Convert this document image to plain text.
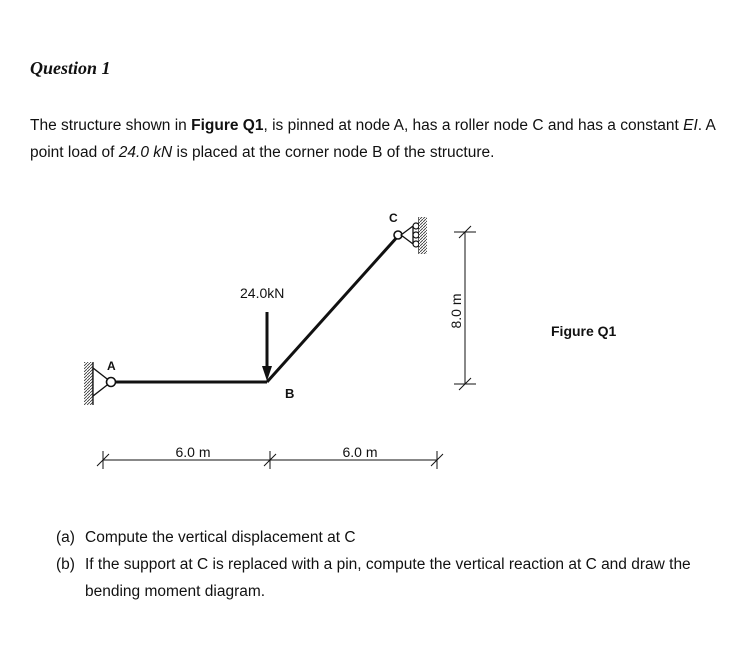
Question 1
The structure shown in Figure Q1, is pinned at node A, has a roller node C and has a constant EI. A point load of 24.0 kN is placed at the corner node B of the structure.
A
24.0kN
B
C
8.0 m
6.0 m	6.0 m
Figure Q1
(a) Compute the vertical displacement at C
(b) If the support at C is replaced with a pin, compute the vertical reaction at C and draw the bending moment diagram.
